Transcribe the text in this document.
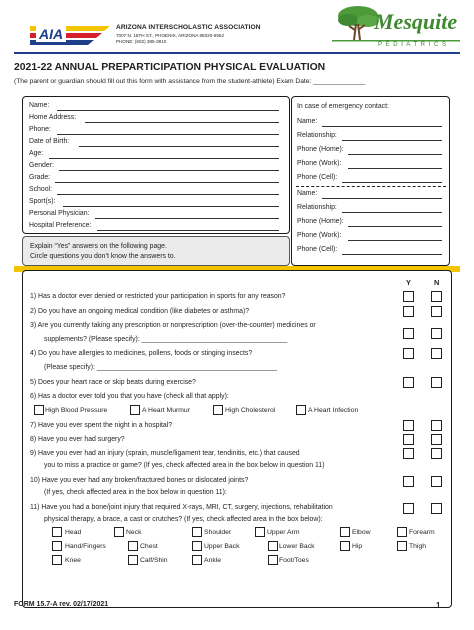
AIA	ARIZONA INTERSCHOLASTIC ASSOCIATION
7007 N. 18TH ST., PHOENIX, ARIZONA 85020-5552
PHONE: (602) 385-3810
Mesquite
P E D I A T R I C S
2021-22 ANNUAL PREPARTICIPATION PHYSICAL EVALUATION
(The parent or guardian should fill out this form with assistance from the student-athlete) Exam Date: ______________
Name:
Home Address:
Phone:
Date of Birth:
Age:
Gender:
Grade:
School:
Sport(s):
Personal Physician:
Hospital Preference:
In case of emergency contact:
Name:
Relationship:
Phone (Home):
Phone (Work):
Phone (Cell):
Name:
Relationship:
Phone (Home):
Phone (Work):
Phone (Cell):
Explain “Yes” answers on the following page.
Circle questions you don’t know the answers to.
Y	N
1) Has a doctor ever denied or restricted your participation in sports for any reason?
2) Do you have an ongoing medical condition (like diabetes or asthma)?
3) Are you currently taking any prescription or nonprescription (over-the-counter) medicines or
supplements? (Please specify): ______________________________________
4) Do you have allergies to medicines, pollens, foods or stinging insects?
(Please specify): _______________________________________________
5) Does your heart race or skip beats during exercise?
6) Has a doctor ever told you that you have (check all that apply):
High Blood Pressure	A Heart Murmur	High Cholesterol	A Heart Infection
7) Have you ever spent the night in a hospital?
8) Have you ever had surgery?
9) Have you ever had an injury (sprain, muscle/ligament tear, tendinitis, etc.) that caused
you to miss a practice or game? (If yes, check affected area in the box below in question 11)
10) Have you ever had any broken/fractured bones or dislocated joints?
(If yes, check affected area in the box below in question 11):
11) Have you had a bone/joint injury that required X-rays, MRI, CT, surgery, injections, rehabilitation
physical therapy, a brace, a cast or crutches? (If yes, check affected area in the box below):
Head	Neck	Shoulder	Upper Arm	Elbow	Forearm
Hand/Fingers	Chest	Upper Back	Lower Back	Hip	Thigh
Knee	Calf/Shin	Ankle	Foot/Toes
FORM 15.7-A rev. 02/17/2021	1
